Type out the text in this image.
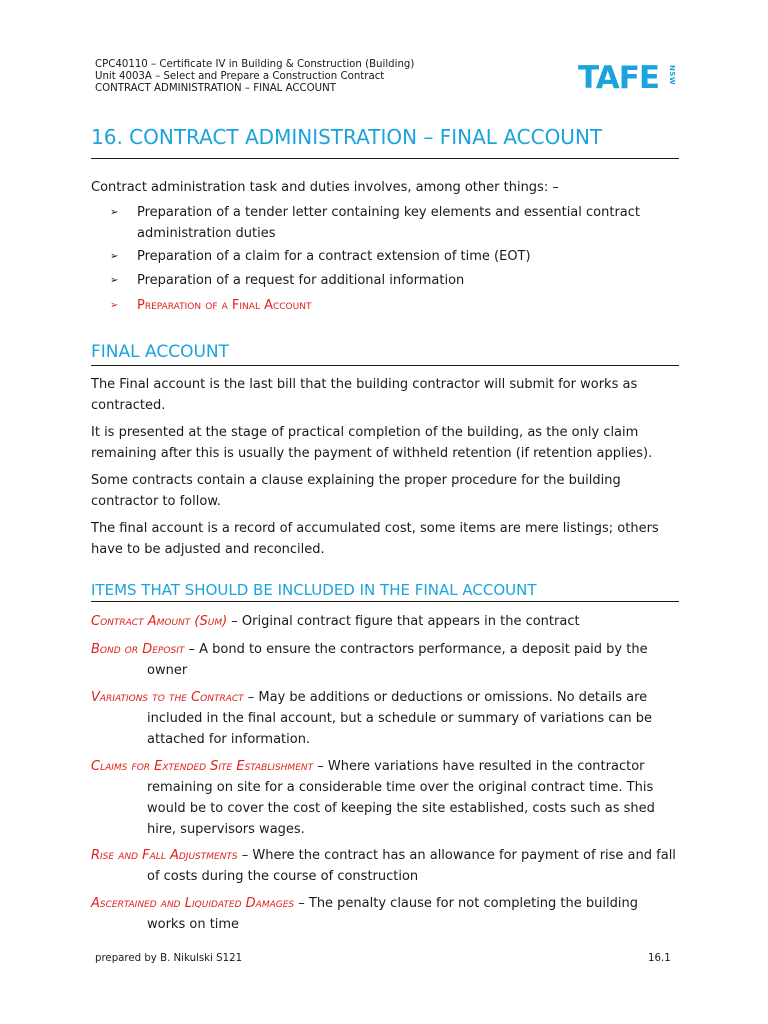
CPC40110 – Certificate IV in Building & Construction (Building)
Unit 4003A – Select and Prepare a Construction Contract
CONTRACT ADMINISTRATION – FINAL ACCOUNT	TAFE NSW
16. CONTRACT ADMINISTRATION – FINAL ACCOUNT
Contract administration task and duties involves, among other things: –
➢ Preparation of a tender letter containing key elements and essential contract administration duties
➢ Preparation of a claim for a contract extension of time (EOT)
➢ Preparation of a request for additional information
➢ Preparation of a Final Account
FINAL ACCOUNT
The Final account is the last bill that the building contractor will submit for works as contracted.
It is presented at the stage of practical completion of the building, as the only claim remaining after this is usually the payment of withheld retention (if retention applies).
Some contracts contain a clause explaining the proper procedure for the building contractor to follow.
The final account is a record of accumulated cost, some items are mere listings; others have to be adjusted and reconciled.
ITEMS THAT SHOULD BE INCLUDED IN THE FINAL ACCOUNT
Contract Amount (Sum) – Original contract figure that appears in the contract
Bond or Deposit – A bond to ensure the contractors performance, a deposit paid by the owner
Variations to the Contract – May be additions or deductions or omissions. No details are included in the final account, but a schedule or summary of variations can be attached for information.
Claims for Extended Site Establishment – Where variations have resulted in the contractor remaining on site for a considerable time over the original contract time. This would be to cover the cost of keeping the site established, costs such as shed hire, supervisors wages.
Rise and Fall Adjustments – Where the contract has an allowance for payment of rise and fall of costs during the course of construction
Ascertained and Liquidated Damages – The penalty clause for not completing the building works on time
prepared by B. Nikulski S121	16.1
